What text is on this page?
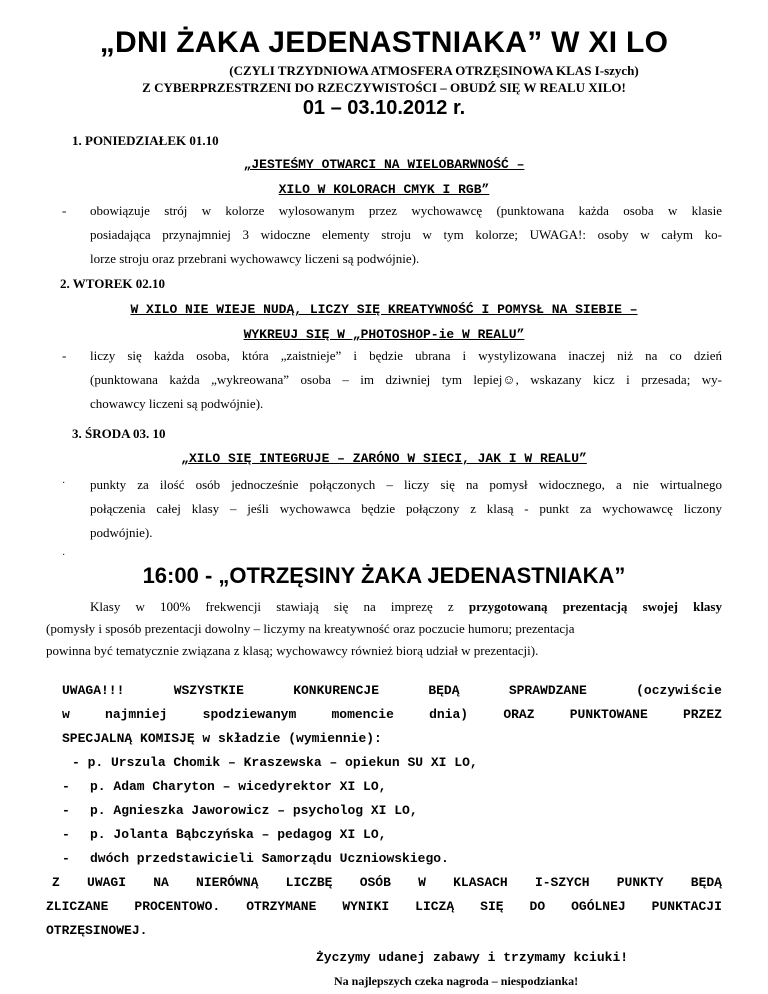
„DNI ŻAKA JEDENASTNIAKA” W XI LO
(CZYLI TRZYDNIOWA ATMOSFERA OTRZĘSINOWA KLAS I-szych)
Z CYBERPRZESTRZENI DO RZECZYWISTOŚCI – OBUDŹ SIĘ W REALU XILO!
01 – 03.10.2012 r.
1. PONIEDZIAŁEK 01.10
„JESTEŚMY OTWARCI NA WIELOBARWNOŚĆ –
XILO W KOLORACH CMYK I RGB”
- obowiązuje strój w kolorze wylosowanym przez wychowawcę (punktowana każda osoba w klasie
posiadająca przynajmniej 3 widoczne elementy stroju w tym kolorze; UWAGA!: osoby w całym ko-
lorze stroju oraz przebrani wychowawcy liczeni są podwójnie).
2. WTOREK 02.10
W XILO NIE WIEJE NUDĄ, LICZY SIĘ KREATYWNOŚĆ I POMYSŁ NA SIEBIE –
WYKREUJ SIĘ W „PHOTOSHOP-ie W REALU”
- liczy się każda osoba, która „zaistnieje” i będzie ubrana i wystylizowana inaczej niż na co dzień
(punktowana każda „wykreowana” osoba – im dziwniej tym lepiej☺, wskazany kicz i przesada; wy-
chowawcy liczeni są podwójnie).
3. ŚRODA 03. 10
„XILO SIĘ INTEGRUJE – ZARÓNO W SIECI, JAK I W REALU”
· punkty za ilość osób jednocześnie połączonych – liczy się na pomysł widocznego, a nie wirtualnego
połączenia całej klasy – jeśli wychowawca będzie połączony z klasą - punkt za wychowawcę liczony
podwójnie).
·
16:00 - „OTRZĘSINY ŻAKA JEDENASTNIAKA”
Klasy w 100% frekwencji stawiają się na imprezę z przygotowaną prezentacją swojej klasy
(pomysły i sposób prezentacji dowolny – liczymy na kreatywność oraz poczucie humoru; prezentacja
powinna być tematycznie związana z klasą; wychowawcy również biorą udział w prezentacji).
UWAGA!!!	WSZYSTKIE	KONKURENCJE	BĘDĄ	SPRAWDZANE	(oczywiście
w	najmniej	spodziewanym	momencie	dnia)	ORAZ	PUNKTOWANE	PRZEZ
SPECJALNĄ KOMISJĘ w składzie (wymiennie):
- p. Urszula Chomik – Kraszewska – opiekun SU XI LO,
- p. Adam Charyton – wicedyrektor XI LO,
- p. Agnieszka Jaworowicz – psycholog XI LO,
- p. Jolanta Bąbczyńska – pedagog XI LO,
- dwóch przedstawicieli Samorządu Uczniowskiego.
Z UWAGI NA NIERÓWNĄ LICZBĘ OSÓB W KLASACH I-SZYCH PUNKTY BĘDĄ
ZLICZANE PROCENTOWO. OTRZYMANE WYNIKI LICZĄ SIĘ DO OGÓLNEJ PUNKTACJI
OTRZĘSINOWEJ.
Życzymy udanej zabawy i trzymamy kciuki!
Na najlepszych czeka nagroda – niespodzianka!
